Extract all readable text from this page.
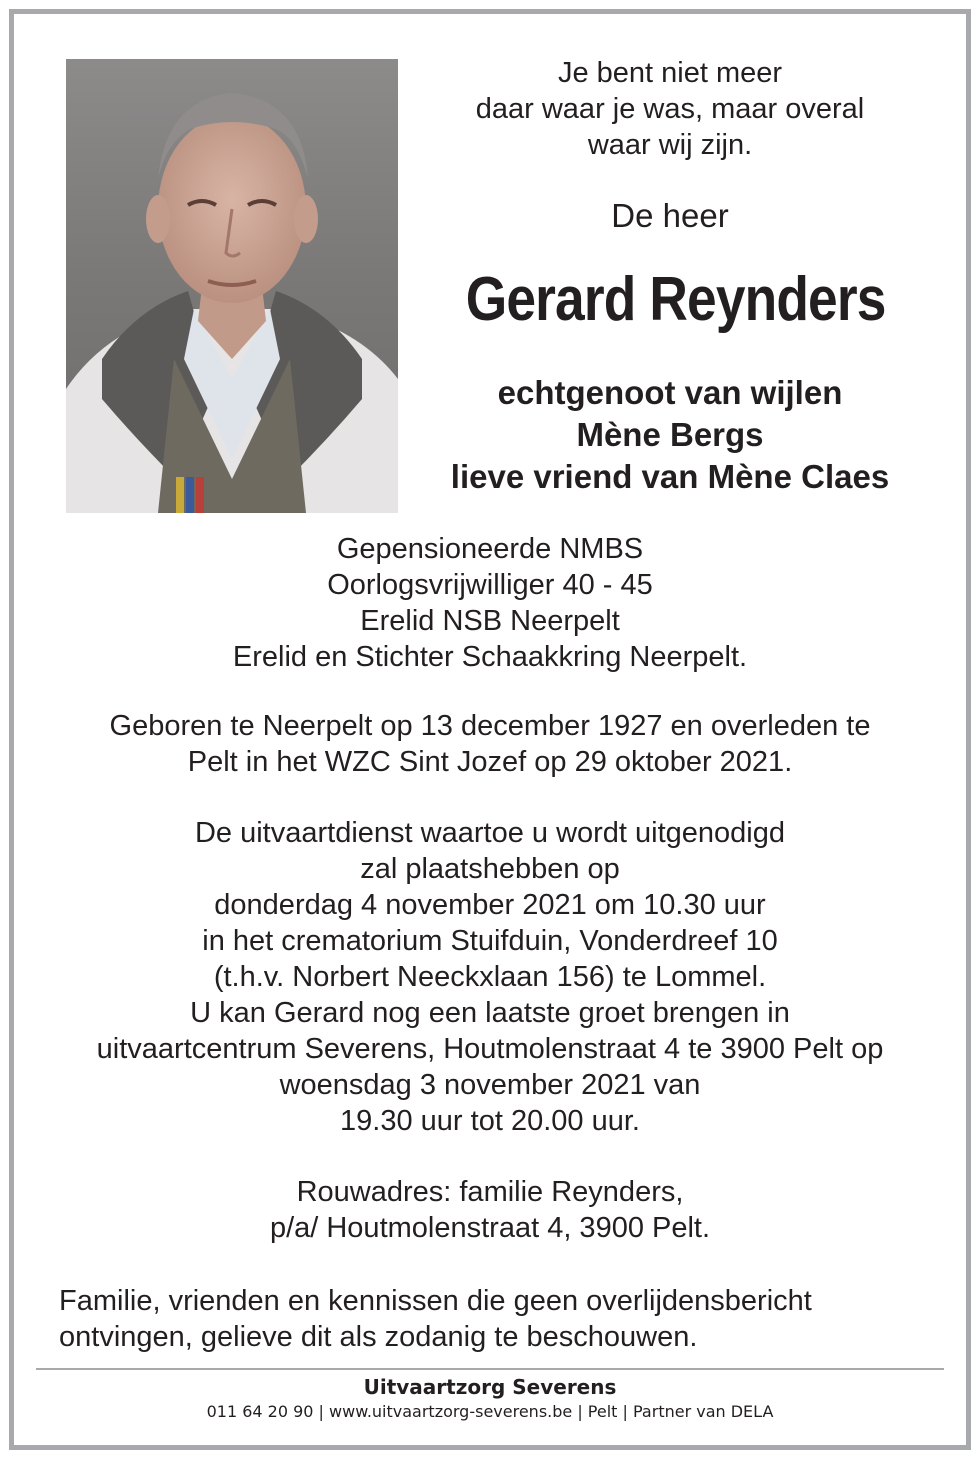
Je bent niet meer
daar waar je was, maar overal
waar wij zijn.
De heer
Gerard Reynders
echtgenoot van wijlen
Mène Bergs
lieve vriend van Mène Claes
Gepensioneerde NMBS
Oorlogsvrijwilliger 40 - 45
Erelid NSB Neerpelt
Erelid en Stichter Schaakkring Neerpelt.
Geboren te Neerpelt op 13 december 1927 en overleden te
Pelt in het WZC Sint Jozef op 29 oktober 2021.
De uitvaartdienst waartoe u wordt uitgenodigd
zal plaatshebben op
donderdag 4 november 2021 om 10.30 uur
in het crematorium Stuifduin, Vonderdreef 10
(t.h.v. Norbert Neeckxlaan 156) te Lommel.
U kan Gerard nog een laatste groet brengen in
uitvaartcentrum Severens, Houtmolenstraat 4 te 3900 Pelt op
woensdag 3 november 2021 van
19.30 uur tot 20.00 uur.
Rouwadres: familie Reynders,
p/a/ Houtmolenstraat 4, 3900 Pelt.
Familie, vrienden en kennissen die geen overlijdensbericht
ontvingen, gelieve dit als zodanig te beschouwen.
Uitvaartzorg Severens
011 64 20 90 | www.uitvaartzorg-severens.be | Pelt | Partner van DELA
